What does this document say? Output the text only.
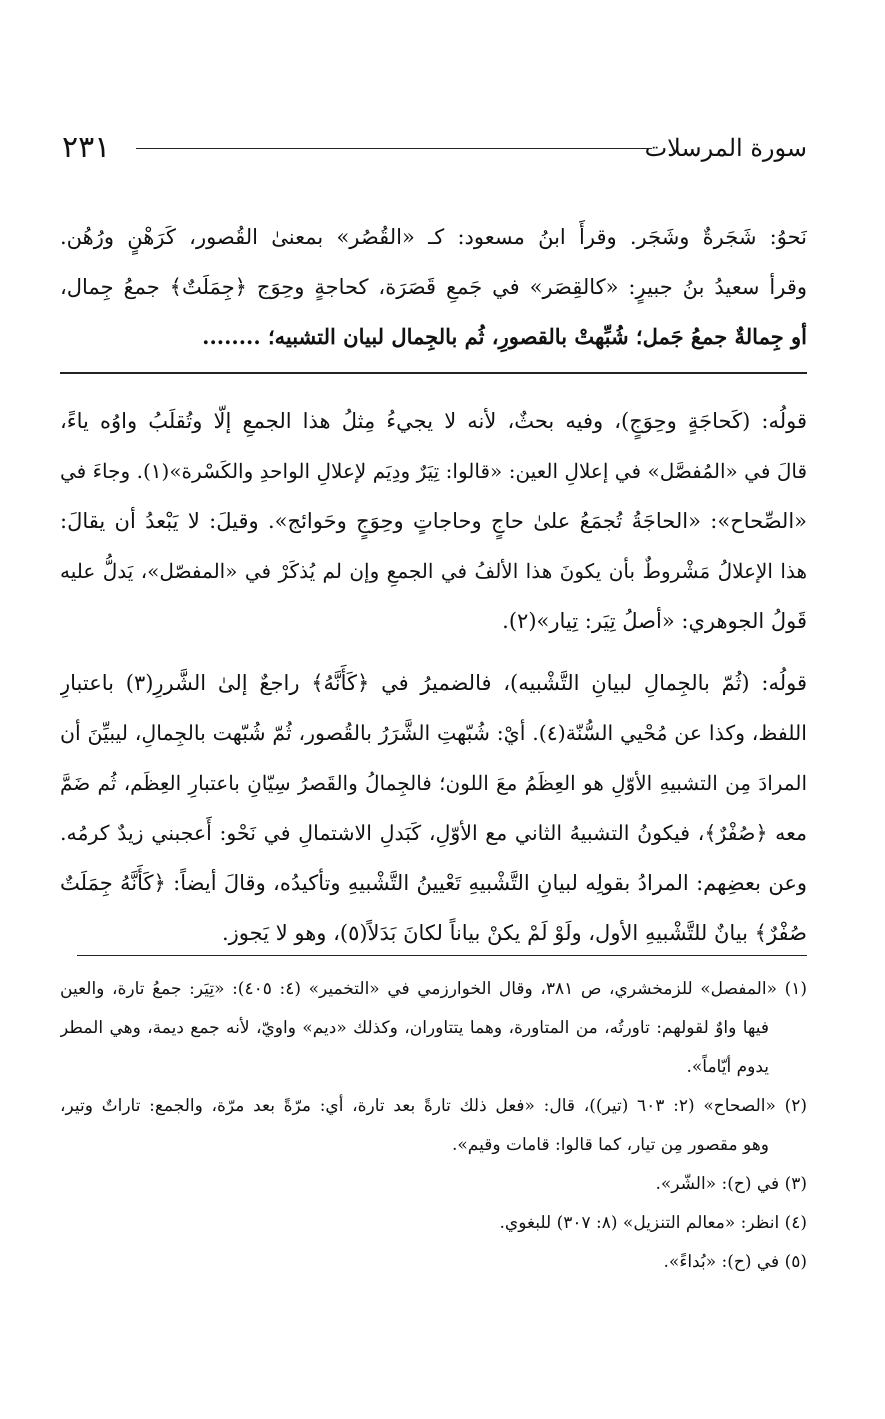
٢٣١	سورة المرسلات
نَحوُ: شَجَرةٌ وشَجَر. وقرأَ ابنُ مسعود: كـ «القُصُر» بمعنىٰ القُصور، كَرَهْنٍ ورُهُن.
وقرأ سعيدُ بنُ جبيرٍ: «كالقِصَر» في جَمعِ قَصَرَة، كحاجةٍ وحِوَج ﴿جِمَلَتٌ﴾ جمعُ جِمال،
أو جِمالةٌ جمعُ جَمل؛ شُبِّهتْ بالقصورِ، ثُم بالجِمال لبيان التشبيه؛ ........
قولُه: (كَحاجَةٍ وحِوَجٍ)، وفيه بحثٌ، لأنه لا يجيءُ مِثلُ هذا الجمعِ إلّا وتُقلَبُ واوُه ياءً،
قالَ في «المُفصَّل» في إعلالِ العين: «قالوا: تِيَرٌ ودِيَم لإعلالِ الواحدِ والكَسْرة»(١). وجاءَ في
«الصِّحاح»: «الحاجَةُ تُجمَعُ علىٰ حاجٍ وحاجاتٍ وحِوَجٍ وحَوائج». وقيلَ: لا يَبْعدُ أن يقالَ:
هذا الإعلالُ مَشْروطٌ بأن يكونَ هذا الألفُ في الجمعِ وإن لم يُذكَرْ في «المفصّل»، يَدلُّ عليه
قَولُ الجوهري: «أصلُ تِيَر: تِيار»(٢).
قولُه: (ثُمّ بالجِمالِ لبيانِ التَّشْبيه)، فالضميرُ في ﴿كَأَنَّهُ﴾ راجعٌ إلىٰ الشَّررِ(٣) باعتبارِ
اللفظ، وكذا عن مُحْيي السُّنّة(٤). أيْ: شُبّهتِ الشَّرَرُ بالقُصور، ثُمّ شُبّهت بالجِمالِ، ليبيِّنَ أن
المرادَ مِن التشبيهِ الأوّلِ هو العِظَمُ معَ اللون؛ فالجِمالُ والقَصرُ سِيّانِ باعتبارِ العِظَم، ثُم ضَمَّ
معه ﴿صُفْرٌ﴾، فيكونُ التشبيهُ الثاني مع الأوّلِ، كَبَدلِ الاشتمالِ في نَحْو: أَعجبني زيدٌ كرمُه.
وعن بعضِهم: المرادُ بقولِه لبيانِ التَّشْبيهِ تَعْيينُ التَّشْبيهِ وتأكيدُه، وقالَ أيضاً: ﴿كَأَنَّهُ جِمَلَتٌ
صُفْرٌ﴾ بيانٌ للتَّشْبيهِ الأول، ولَوْ لَمْ يكنْ بياناً لكانَ بَدَلاً(٥)، وهو لا يَجوز.
(١) «المفصل» للزمخشري، ص ٣٨١، وقال الخوارزمي في «التخمير» (٤: ٤٠٥): «تِيَر: جمعُ تارة، والعين
فيها واوٌ لقولهم: تاورتُه، من المتاورة، وهما يتتاوران، وكذلك «ديم» واويّ، لأنه جمع ديمة، وهي المطر
يدوم أيّاماً».
(٢) «الصحاح» (٢: ٦٠٣ (تير))، قال: «فعل ذلك تارةً بعد تارة، أي: مرّةً بعد مرّة، والجمع: تاراتٌ وتير،
وهو مقصور مِن تيار، كما قالوا: قامات وقيم».
(٣) في (ح): «الشّر».
(٤) انظر: «معالم التنزيل» (٨: ٣٠٧) للبغوي.
(٥) في (ح): «بُداءً».
